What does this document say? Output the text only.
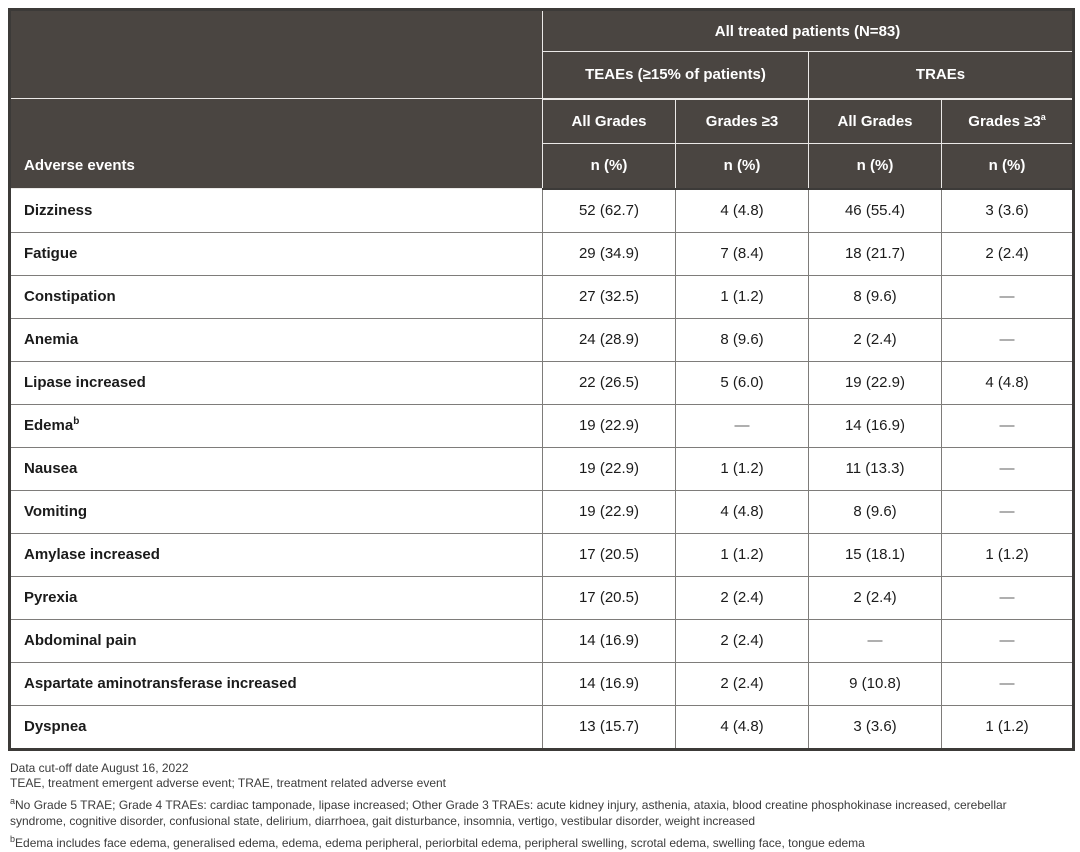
	All treated patients (N=83)			
	TEAEs (≥15% of patients)		TRAEs	
Adverse events	All Grades	Grades ≥3	All Grades	Grades $\ge 3^a$
	n (%)	n (%)	n (%)	n (%)
Dizziness	52 (62.7)	4 (4.8)	46 (55.4)	3 (3.6)
Fatigue	29 (34.9)	7 (8.4)	18 (21.7)	2 (2.4)
Constipation	27 (32.5)	1 (1.2)	8 (9.6)	—
Anemia	24 (28.9)	8 (9.6)	2 (2.4)	—
Lipase increased	22 (26.5)	5 (6.0)	19 (22.9)	4 (4.8)
Edema$^b$	19 (22.9)	—	14 (16.9)	—
Nausea	19 (22.9)	1 (1.2)	11 (13.3)	—
Vomiting	19 (22.9)	4 (4.8)	8 (9.6)	—
Amylase increased	17 (20.5)	1 (1.2)	15 (18.1)	1 (1.2)
Pyrexia	17 (20.5)	2 (2.4)	2 (2.4)	—
Abdominal pain	14 (16.9)	2 (2.4)	—	—
Aspartate aminotransferase increased	14 (16.9)	2 (2.4)	9 (10.8)	—
Dyspnea	13 (15.7)	4 (4.8)	3 (3.6)	1 (1.2)

Data cut-off date August 16, 2022

TEAE, treatment emergent adverse event; TRAE, treatment related adverse event

$^a$No Grade 5 TRAE; Grade 4 TRAEs: cardiac tamponade, lipase increased; Other Grade 3 TRAEs: acute kidney injury, asthenia, ataxia, blood creatine phosphokinase increased, cerebellar syndrome, cognitive disorder, confusional state, delirium, diarrhoea, gait disturbance, insomnia, vertigo, vestibular disorder, weight increased

$^b$Edema includes face edema, generalised edema, edema, edema peripheral, periorbital edema, peripheral swelling, scrotal edema, swelling face, tongue edema
